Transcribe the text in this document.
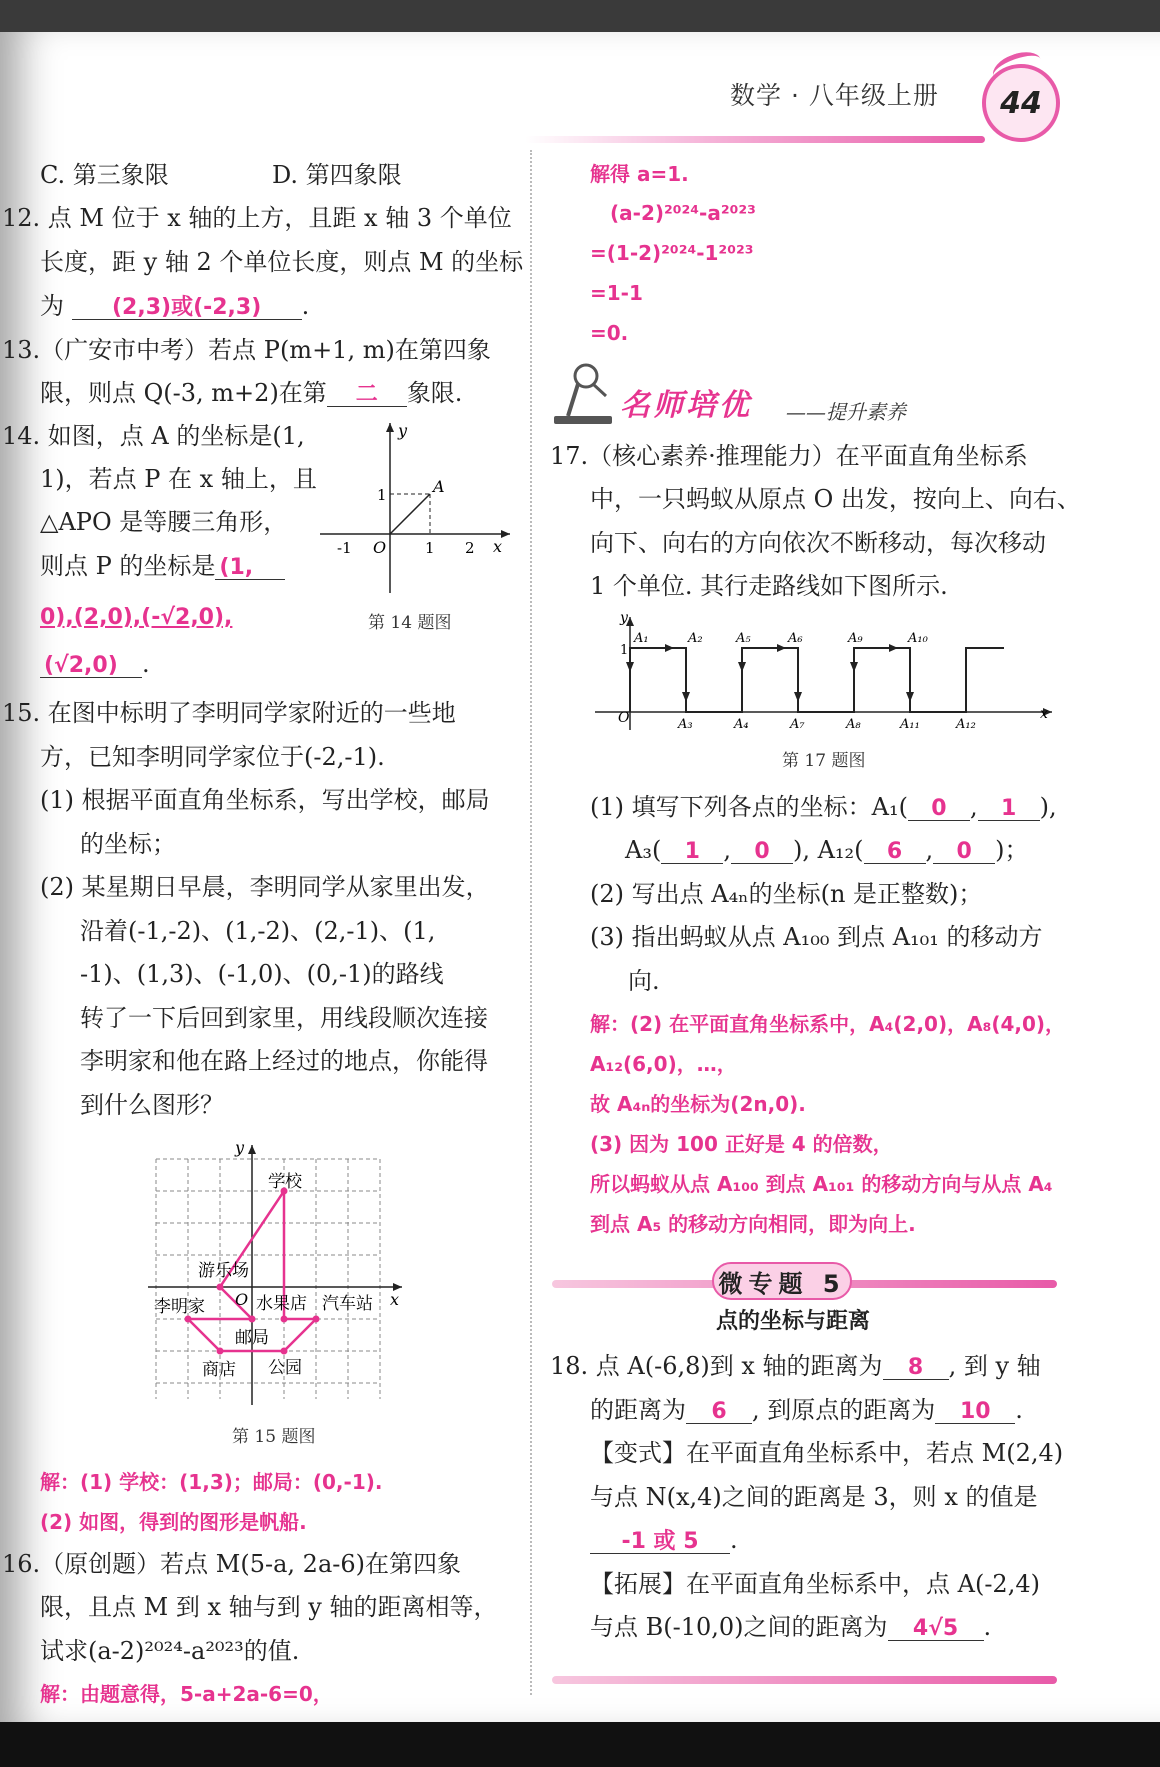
数学 · 八年级上册	44
C. 第三象限	D. 第四象限
12. 点 M 位于 x 轴的上方，且距 x 轴 3 个单位
长度，距 y 轴 2 个单位长度，则点 M 的坐标
为 (2,3)或(-2,3) .
13.（广安市中考）若点 P(m+1, m)在第四象
限，则点 Q(-3, m+2)在第 二 象限.
14. 如图，点 A 的坐标是(1,
1)，若点 P 在 x 轴上，且
△APO 是等腰三角形，
则点 P 的坐标是 (1,
0),(2,0),(-√2,0),
(√2,0) .
y
x
A
O
1
-1	1 2
第 14 题图
15. 在图中标明了李明同学家附近的一些地
方，已知李明同学家位于(-2,-1).
(1) 根据平面直角坐标系，写出学校，邮局
的坐标；
(2) 某星期日早晨，李明同学从家里出发，
沿着(-1,-2)、(1,-2)、(2,-1)、(1,
-1)、(1,3)、(-1,0)、(0,-1)的路线
转了一下后回到家里，用线段顺次连接
李明家和他在路上经过的地点，你能得
到什么图形？
y
x
O
学校
游乐场
李明家	水果店 汽车站
邮局
商店 公园
第 15 题图
解：(1) 学校：(1,3)；邮局：(0,-1).
(2) 如图，得到的图形是帆船.
16.（原创题）若点 M(5-a, 2a-6)在第四象
限，且点 M 到 x 轴与到 y 轴的距离相等，
试求(a-2)²⁰²⁴-a²⁰²³的值.
解：由题意得，5-a+2a-6=0，
解得 a=1.
(a-2)²⁰²⁴-a²⁰²³
=(1-2)²⁰²⁴-1²⁰²³
=1-1
=0.
名师培优 ——提升素养
17.（核心素养·推理能力）在平面直角坐标系
中，一只蚂蚁从原点 O 出发，按向上、向右、
向下、向右的方向依次不断移动，每次移动
1 个单位. 其行走路线如下图所示.
y
x
O
1
A₁	A₂	A₅	A₆	A₉	A₁₀
A₃	A₄	A₇	A₈	A₁₁	A₁₂
第 17 题图
(1) 填写下列各点的坐标：A₁( 0 , 1 ),
A₃( 1 , 0 ), A₁₂( 6 , 0 )；
(2) 写出点 A₄ₙ的坐标(n 是正整数)；
(3) 指出蚂蚁从点 A₁₀₀ 到点 A₁₀₁ 的移动方
向.
解：(2) 在平面直角坐标系中，A₄(2,0)，A₈(4,0)，
A₁₂(6,0)，…，
故 A₄ₙ的坐标为(2n,0).
(3) 因为 100 正好是 4 的倍数，
所以蚂蚁从点 A₁₀₀ 到点 A₁₀₁ 的移动方向与从点 A₄
到点 A₅ 的移动方向相同，即为向上.
微专题 5
点的坐标与距离
18. 点 A(-6,8)到 x 轴的距离为 8 , 到 y 轴
的距离为 6 , 到原点的距离为 10 .
【变式】在平面直角坐标系中，若点 M(2,4)
与点 N(x,4)之间的距离是 3，则 x 的值是
-1 或 5 .
【拓展】在平面直角坐标系中，点 A(-2,4)
与点 B(-10,0)之间的距离为 4√5 .
